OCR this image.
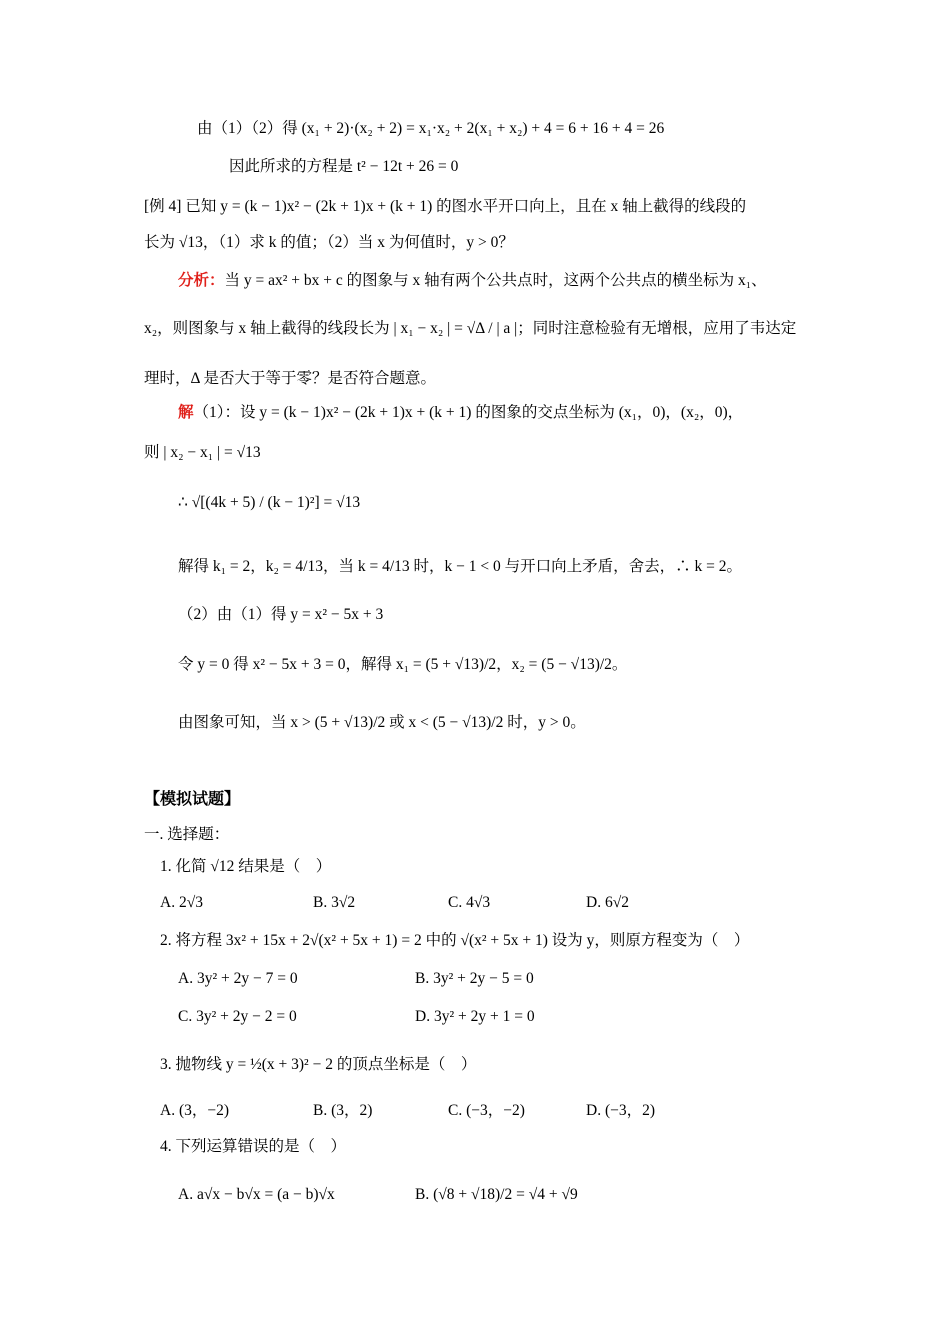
由（1）（2）得 (x₁ + 2)·(x₂ + 2) = x₁·x₂ + 2(x₁ + x₂) + 4 = 6 + 16 + 4 = 26
因此所求的方程是 t² − 12t + 26 = 0
[例 4] 已知 y = (k − 1)x² − (2k + 1)x + (k + 1) 的图水平开口向上，且在 x 轴上截得的线段的
长为 √13，（1）求 k 的值；（2）当 x 为何值时，y > 0？
分析：当 y = ax² + bx + c 的图象与 x 轴有两个公共点时，这两个公共点的横坐标为 x₁、
x₂，则图象与 x 轴上截得的线段长为 | x₁ − x₂ | = √Δ / | a |；同时注意检验有无增根，应用了韦达定
理时，Δ 是否大于等于零？是否符合题意。
解（1）：设 y = (k − 1)x² − (2k + 1)x + (k + 1) 的图象的交点坐标为 (x₁，0)，(x₂，0)，
则 | x₂ − x₁ | = √13
∴ √[(4k + 5) / (k − 1)²] = √13
解得 k₁ = 2，k₂ = 4/13，当 k = 4/13 时，k − 1 < 0 与开口向上矛盾，舍去，∴ k = 2。
（2）由（1）得 y = x² − 5x + 3
令 y = 0 得 x² − 5x + 3 = 0，解得 x₁ = (5 + √13)/2，x₂ = (5 − √13)/2。
由图象可知，当 x > (5 + √13)/2 或 x < (5 − √13)/2 时，y > 0。
【模拟试题】
一. 选择题：
1. 化简 √12 结果是（　）
A. 2√3	B. 3√2	C. 4√3	D. 6√2
2. 将方程 3x² + 15x + 2√(x² + 5x + 1) = 2 中的 √(x² + 5x + 1) 设为 y，则原方程变为（　）
A. 3y² + 2y − 7 = 0	B. 3y² + 2y − 5 = 0
C. 3y² + 2y − 2 = 0	D. 3y² + 2y + 1 = 0
3. 抛物线 y = ½(x + 3)² − 2 的顶点坐标是（　）
A. (3，−2)	B. (3，2)	C. (−3，−2)	D. (−3，2)
4. 下列运算错误的是（　）
A. a√x − b√x = (a − b)√x	B. (√8 + √18)/2 = √4 + √9
